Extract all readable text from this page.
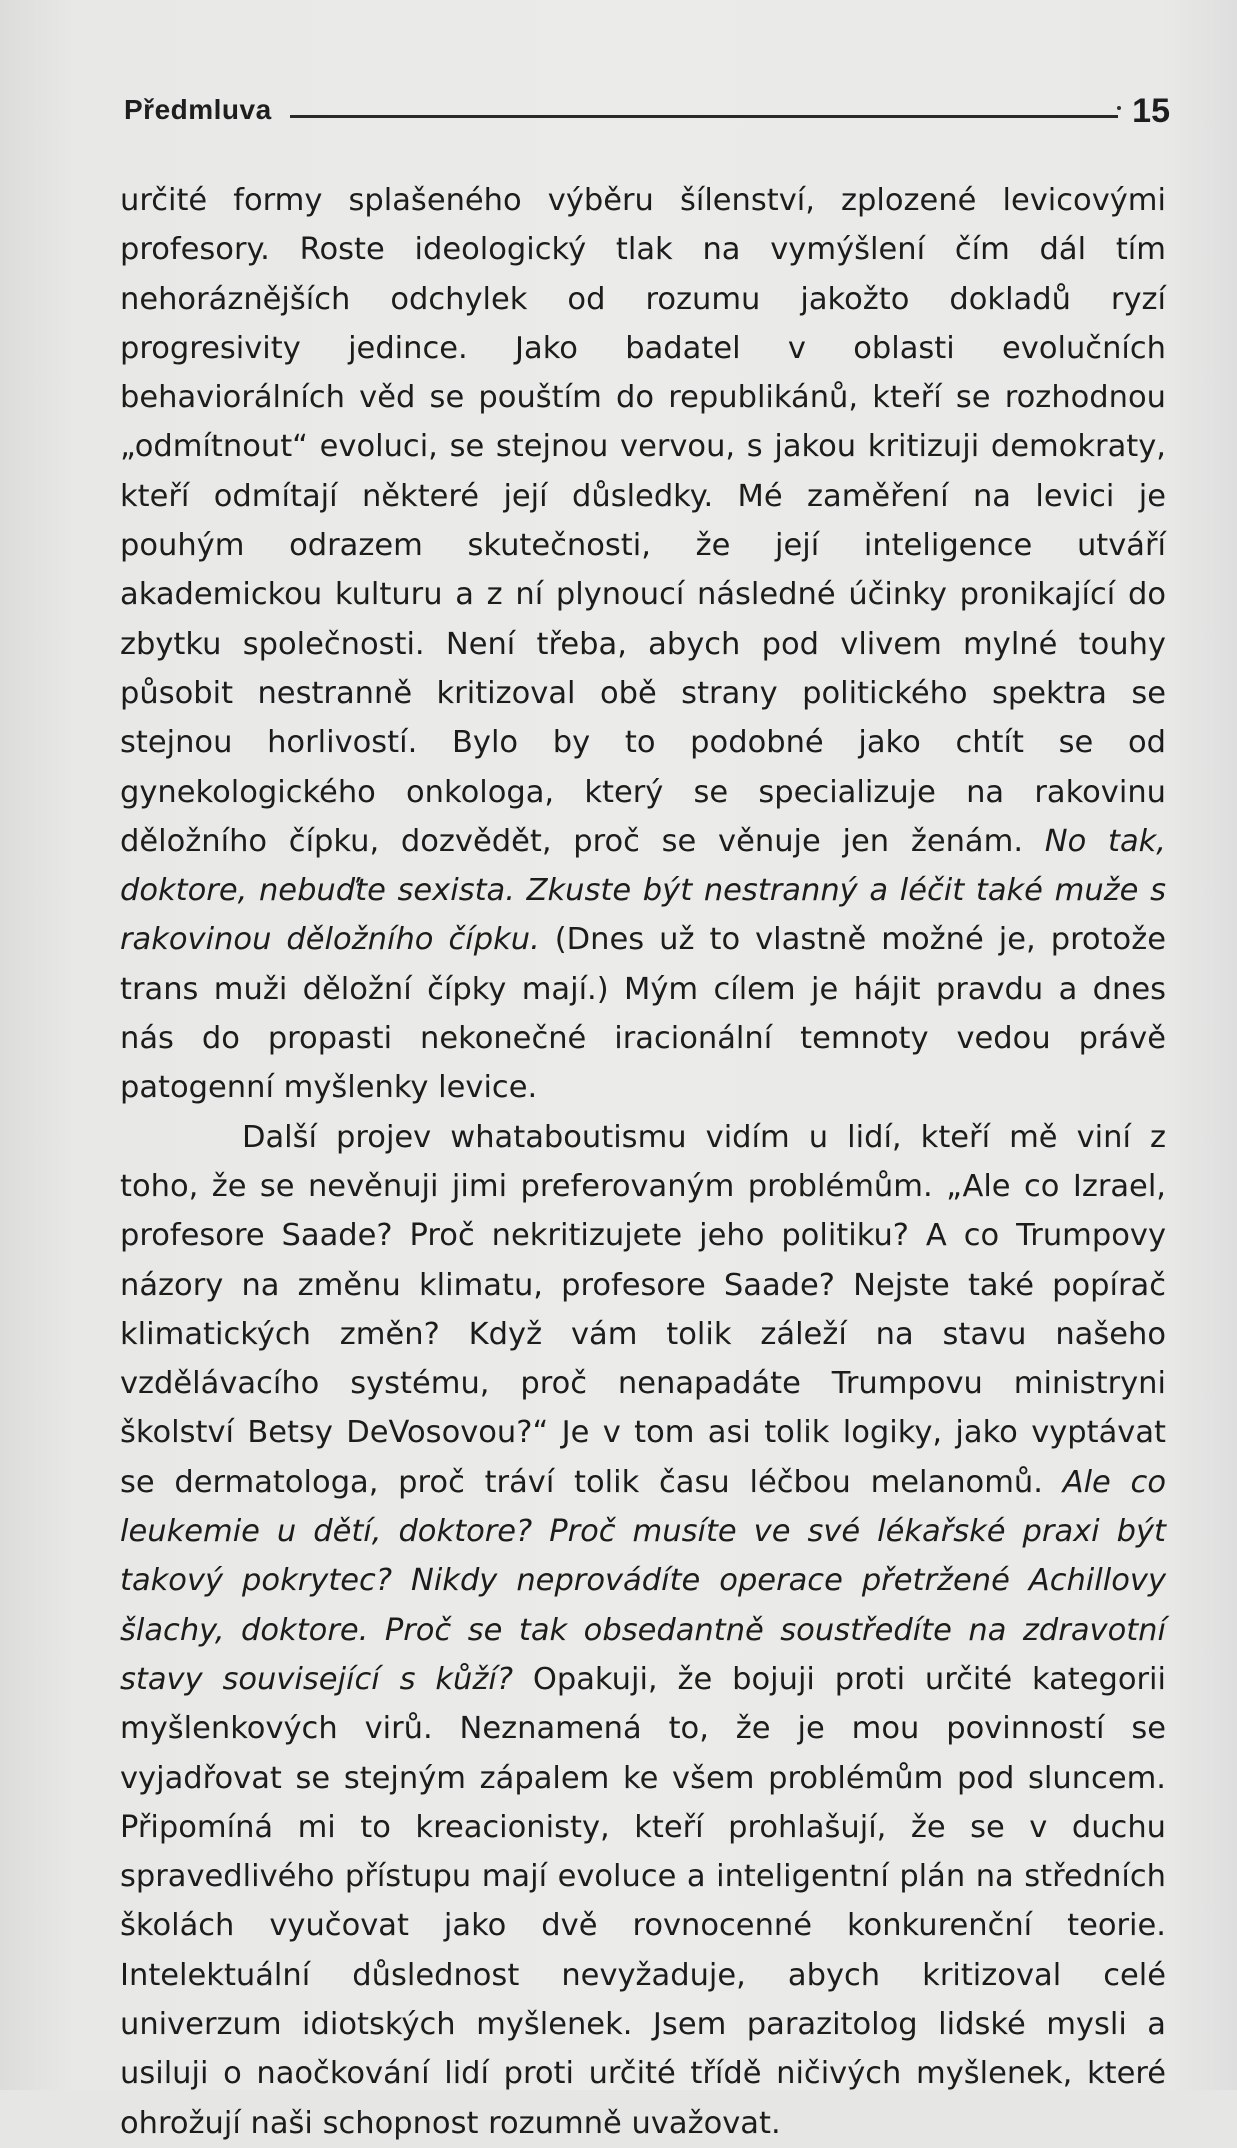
Předmluva	15

určité formy splašeného výběru šílenství, zplozené levicovými profesory. Roste ideologický tlak na vymýšlení čím dál tím nehoráznějších odchylek od rozumu jakožto dokladů ryzí progresivity jedince. Jako badatel v oblasti evolučních behaviorálních věd se pouštím do republikánů, kteří se rozhodnou „odmítnout“ evoluci, se stejnou vervou, s jakou kritizuji demokraty, kteří odmítají některé její důsledky. Mé zaměření na levici je pouhým odrazem skutečnosti, že její inteligence utváří akademickou kulturu a z ní plynoucí následné účinky pronikající do zbytku společnosti. Není třeba, abych pod vlivem mylné touhy působit nestranně kritizoval obě strany politického spektra se stejnou horlivostí. Bylo by to podobné jako chtít se od gynekologického onkologa, který se specializuje na rakovinu děložního čípku, dozvědět, proč se věnuje jen ženám. No tak, doktore, nebuďte sexista. Zkuste být nestranný a léčit také muže s rakovinou děložního čípku. (Dnes už to vlastně možné je, protože trans muži děložní čípky mají.) Mým cílem je hájit pravdu a dnes nás do propasti nekonečné iracionální temnoty vedou právě patogenní myšlenky levice.

Další projev whataboutismu vidím u lidí, kteří mě viní z toho, že se nevěnuji jimi preferovaným problémům. „Ale co Izrael, profesore Saade? Proč nekritizujete jeho politiku? A co Trumpovy názory na změnu klimatu, profesore Saade? Nejste také popírač klimatických změn? Když vám tolik záleží na stavu našeho vzdělávacího systému, proč nenapadáte Trumpovu ministryni školství Betsy DeVosovou?“ Je v tom asi tolik logiky, jako vyptávat se dermatologa, proč tráví tolik času léčbou melanomů. Ale co leukemie u dětí, doktore? Proč musíte ve své lékařské praxi být takový pokrytec? Nikdy neprovádíte operace přetržené Achillovy šlachy, doktore. Proč se tak obsedantně soustředíte na zdravotní stavy související s kůží? Opakuji, že bojuji proti určité kategorii myšlenkových virů. Neznamená to, že je mou povinností se vyjadřovat se stejným zápalem ke všem problémům pod sluncem. Připomíná mi to kreacionisty, kteří prohlašují, že se v duchu spravedlivého přístupu mají evoluce a inteligentní plán na středních školách vyučovat jako dvě rovnocenné konkurenční teorie. Intelektuální důslednost nevyžaduje, abych kritizoval celé univerzum idiotských myšlenek. Jsem parazitolog lidské mysli a usiluji o naočkování lidí proti určité třídě ničivých myšlenek, které ohrožují naši schopnost rozumně uvažovat.
